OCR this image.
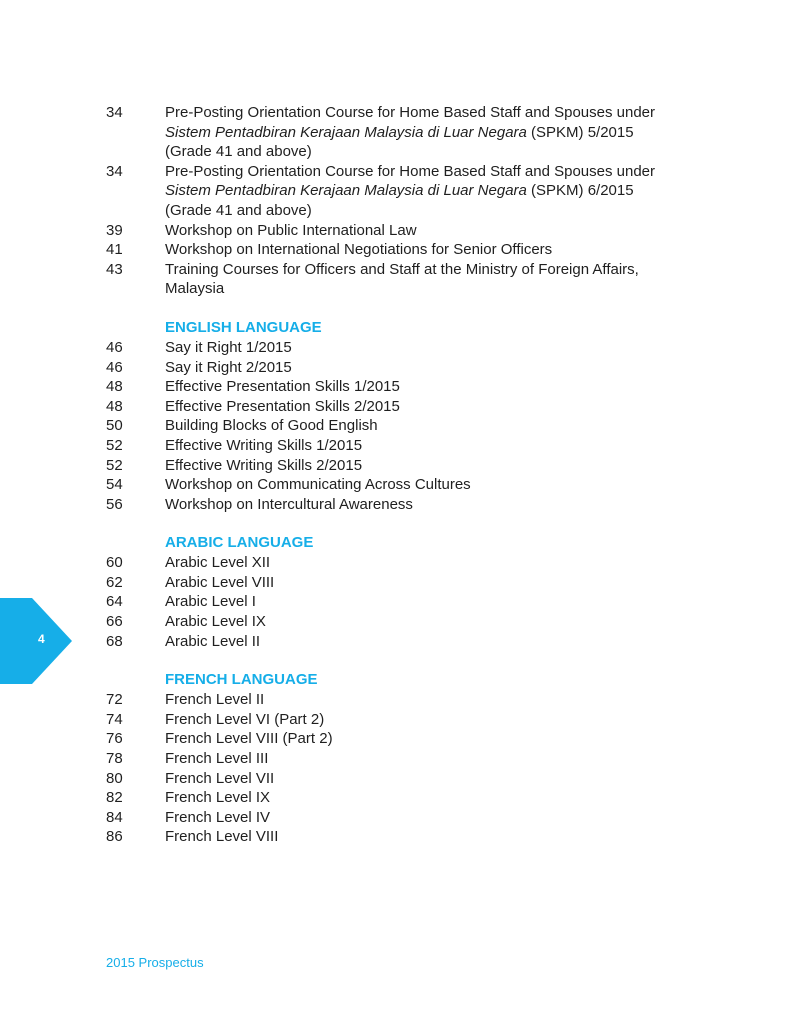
34	Pre-Posting Orientation Course for Home Based Staff and Spouses under
Sistem Pentadbiran Kerajaan Malaysia di Luar Negara (SPKM) 5/2015
(Grade 41 and above)
34	Pre-Posting Orientation Course for Home Based Staff and Spouses under
Sistem Pentadbiran Kerajaan Malaysia di Luar Negara (SPKM) 6/2015
(Grade 41 and above)
39	Workshop on Public International Law
41	Workshop on International Negotiations for Senior Officers
43	Training Courses for Officers and Staff at the Ministry of Foreign Affairs,
Malaysia
ENGLISH LANGUAGE
46	Say it Right 1/2015
46	Say it Right 2/2015
48	Effective Presentation Skills 1/2015
48	Effective Presentation Skills 2/2015
50	Building Blocks of Good English
52	Effective Writing Skills 1/2015
52	Effective Writing Skills 2/2015
54	Workshop on Communicating Across Cultures
56	Workshop on Intercultural Awareness
ARABIC LANGUAGE
60	Arabic Level XII
62	Arabic Level VIII
64	Arabic Level I
66	Arabic Level IX
68	Arabic Level II
FRENCH LANGUAGE
72	French Level II
74	French Level VI (Part 2)
76	French Level VIII (Part 2)
78	French Level III
80	French Level VII
82	French Level IX
84	French Level IV
86	French Level VIII
4
2015 Prospectus
